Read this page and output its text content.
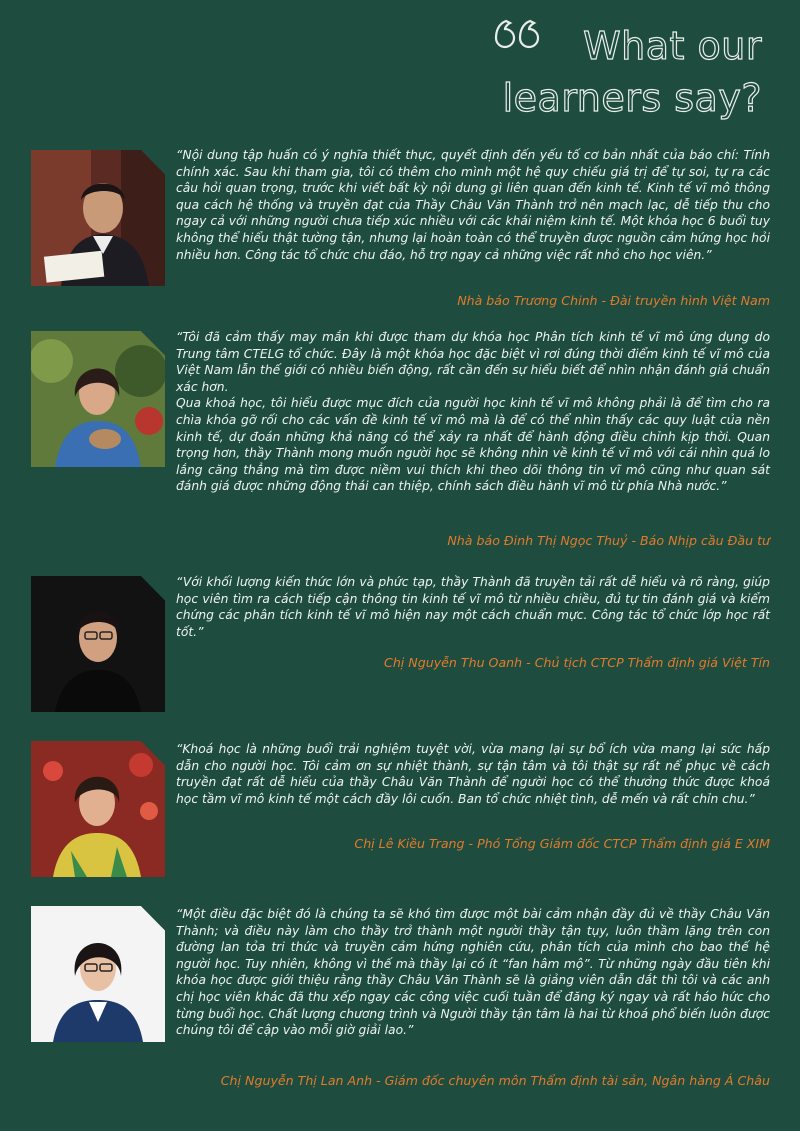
What our
learners say?

“Nội dung tập huấn có ý nghĩa thiết thực, quyết định đến yếu tố cơ bản nhất của báo chí: Tính chính xác. Sau khi tham gia, tôi có thêm cho mình một hệ quy chiếu giá trị để tự soi, tự ra các câu hỏi quan trọng, trước khi viết bất kỳ nội dung gì liên quan đến kinh tế. Kinh tế vĩ mô thông qua cách hệ thống và truyền đạt của Thầy Châu Văn Thành trở nên mạch lạc, dễ tiếp thu cho ngay cả với những người chưa tiếp xúc nhiều với các khái niệm kinh tế. Một khóa học 6 buổi tuy không thể hiểu thật tường tận, nhưng lại hoàn toàn có thể truyền được nguồn cảm hứng học hỏi nhiều hơn. Công tác tổ chức chu đáo, hỗ trợ ngay cả những việc rất nhỏ cho học viên.”

Nhà báo Trương Chinh - Đài truyền hình Việt Nam

“Tôi đã cảm thấy may mắn khi được tham dự khóa học Phân tích kinh tế vĩ mô ứng dụng do Trung tâm CTELG tổ chức. Đây là một khóa học đặc biệt vì rơi đúng thời điểm kinh tế vĩ mô của Việt Nam lẫn thế giới có nhiều biến động, rất cần đến sự hiểu biết để nhìn nhận đánh giá chuẩn xác hơn.
Qua khoá học, tôi hiểu được mục đích của người học kinh tế vĩ mô không phải là để tìm cho ra chìa khóa gỡ rối cho các vấn đề kinh tế vĩ mô mà là để có thể nhìn thấy các quy luật của nền kinh tế, dự đoán những khả năng có thể xảy ra nhất để hành động điều chỉnh kịp thời. Quan trọng hơn, thầy Thành mong muốn người học sẽ không nhìn về kinh tế vĩ mô với cái nhìn quá lo lắng căng thẳng mà tìm được niềm vui thích khi theo dõi thông tin vĩ mô cũng như quan sát đánh giá được những động thái can thiệp, chính sách điều hành vĩ mô từ phía Nhà nước.”

Nhà báo Đinh Thị Ngọc Thuỷ - Báo Nhịp cầu Đầu tư

“Với khối lượng kiến thức lớn và phức tạp, thầy Thành đã truyền tải rất dễ hiểu và rõ ràng, giúp học viên tìm ra cách tiếp cận thông tin kinh tế vĩ mô từ nhiều chiều, đủ tự tin đánh giá và kiểm chứng các phân tích kinh tế vĩ mô hiện nay một cách chuẩn mực. Công tác tổ chức lớp học rất tốt.”

Chị Nguyễn Thu Oanh - Chủ tịch CTCP Thẩm định giá Việt Tín

“Khoá học là những buổi trải nghiệm tuyệt vời, vừa mang lại sự bổ ích vừa mang lại sức hấp dẫn cho người học. Tôi cảm ơn sự nhiệt thành, sự tận tâm và tôi thật sự rất nể phục về cách truyền đạt rất dễ hiểu của thầy Châu Văn Thành để người học có thể thưởng thức được khoá học tầm vĩ mô kinh tế một cách đầy lôi cuốn. Ban tổ chức nhiệt tình, dễ mến và rất chỉn chu.”

Chị Lê Kiều Trang - Phó Tổng Giám đốc CTCP Thẩm định giá E XIM

“Một điều đặc biệt đó là chúng ta sẽ khó tìm được một bài cảm nhận đầy đủ về thầy Châu Văn Thành; và điều này làm cho thầy trở thành một người thầy tận tụy, luôn thầm lặng trên con đường lan tỏa tri thức và truyền cảm hứng nghiên cứu, phân tích của mình cho bao thế hệ người học. Tuy nhiên, không vì thế mà thầy lại có ít “fan hâm mộ”. Từ những ngày đầu tiên khi khóa học được giới thiệu rằng thầy Châu Văn Thành sẽ là giảng viên dẫn dắt thì tôi và các anh chị học viên khác đã thu xếp ngay các công việc cuối tuần để đăng ký ngay và rất háo hức cho từng buổi học. Chất lượng chương trình và Người thầy tận tâm là hai từ khoá phổ biến luôn được chúng tôi để cập vào mỗi giờ giải lao.”

Chị Nguyễn Thị Lan Anh - Giám đốc chuyên môn Thẩm định tài sản, Ngân hàng Á Châu
